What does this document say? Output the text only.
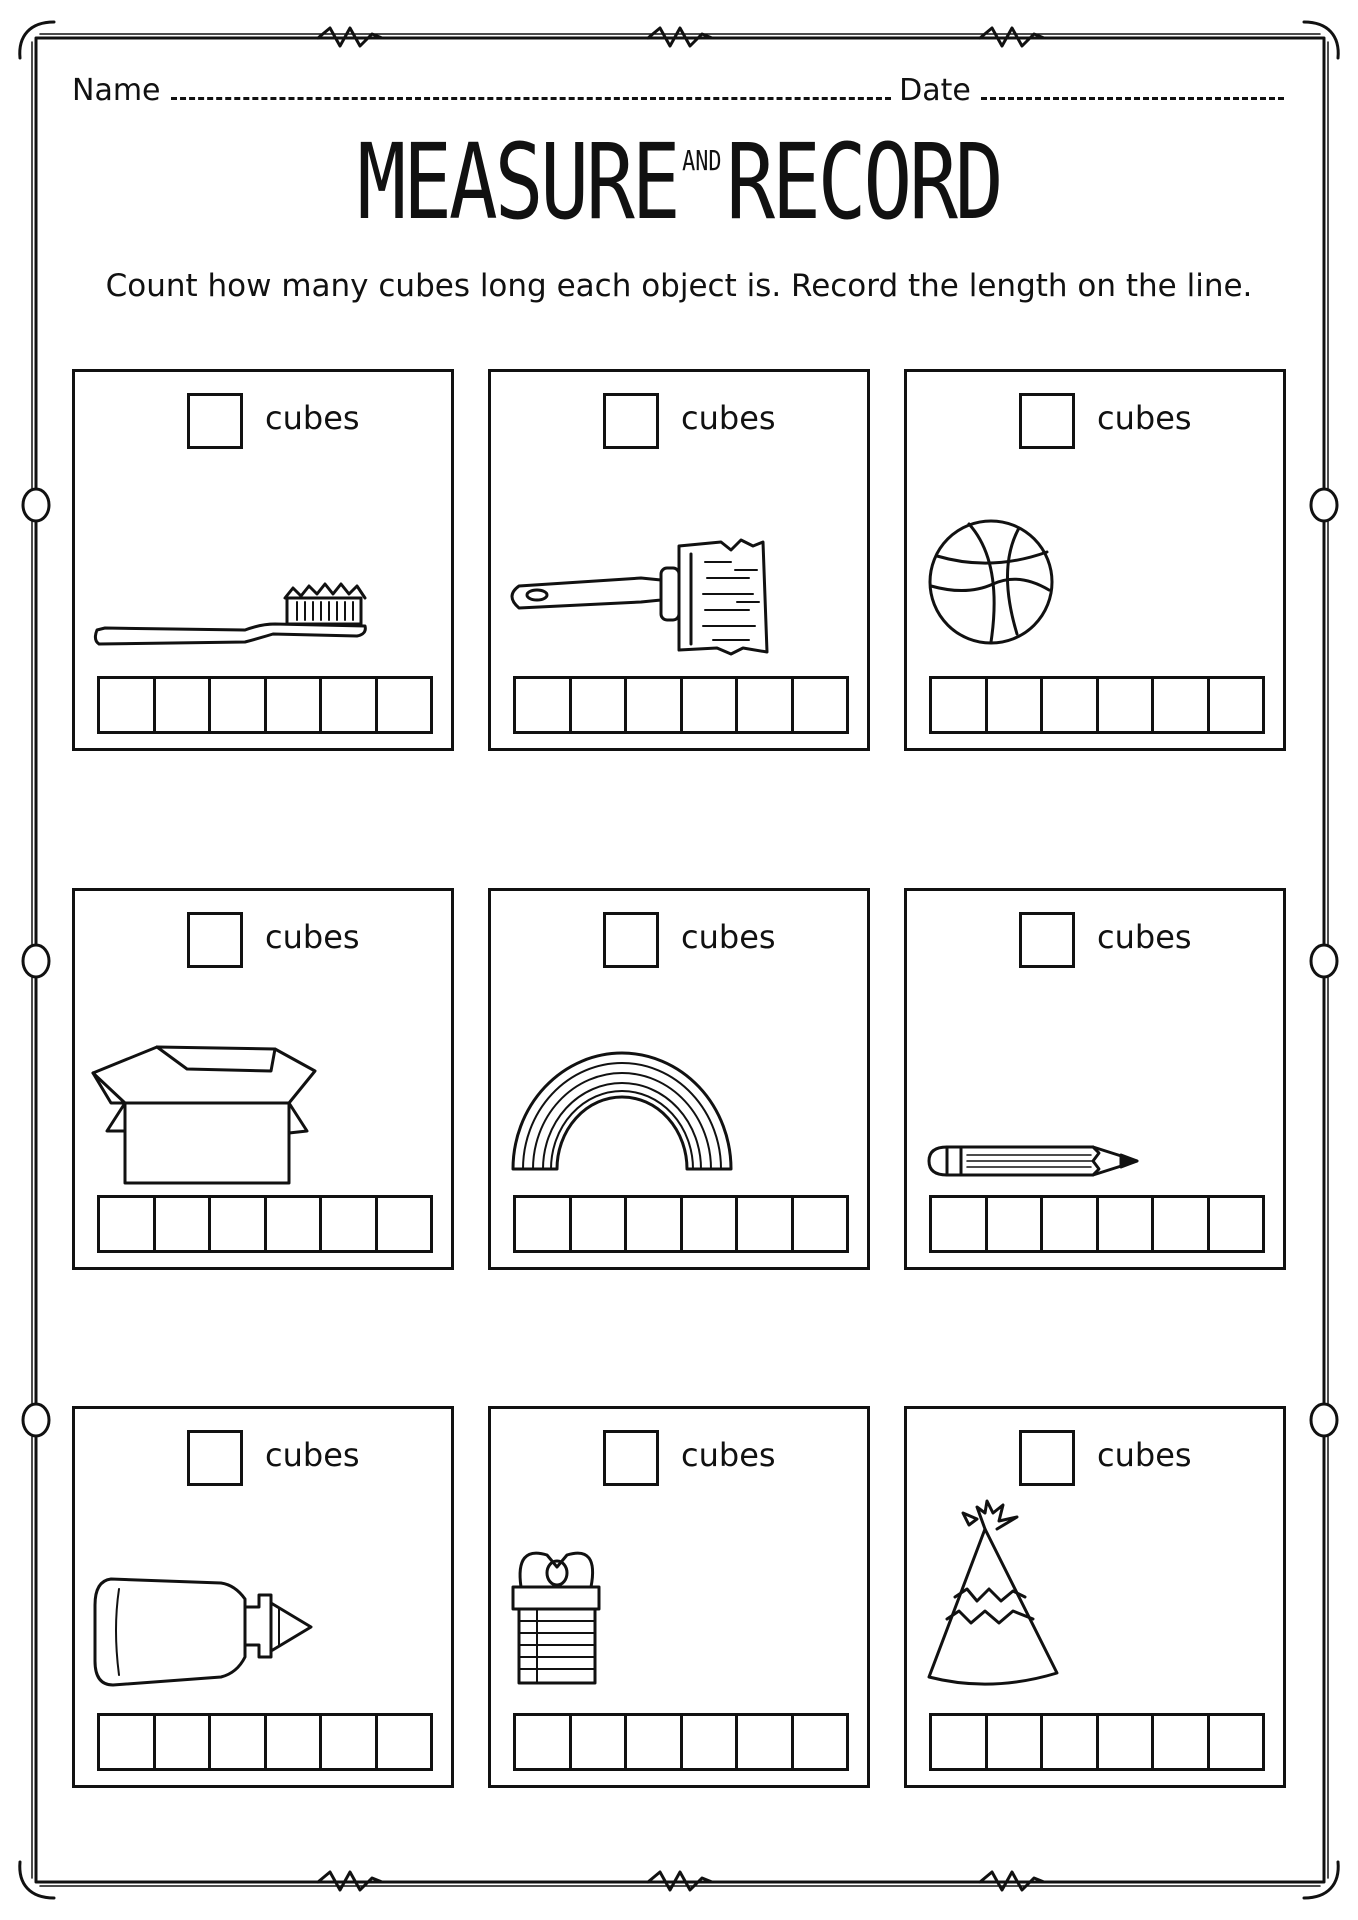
Name	Date
MEASURE $^{AND}$RECORD
Count how many cubes long each object is. Record the length on the line.
cubes	cubes	cubes
cubes	cubes	cubes
cubes	cubes	cubes
